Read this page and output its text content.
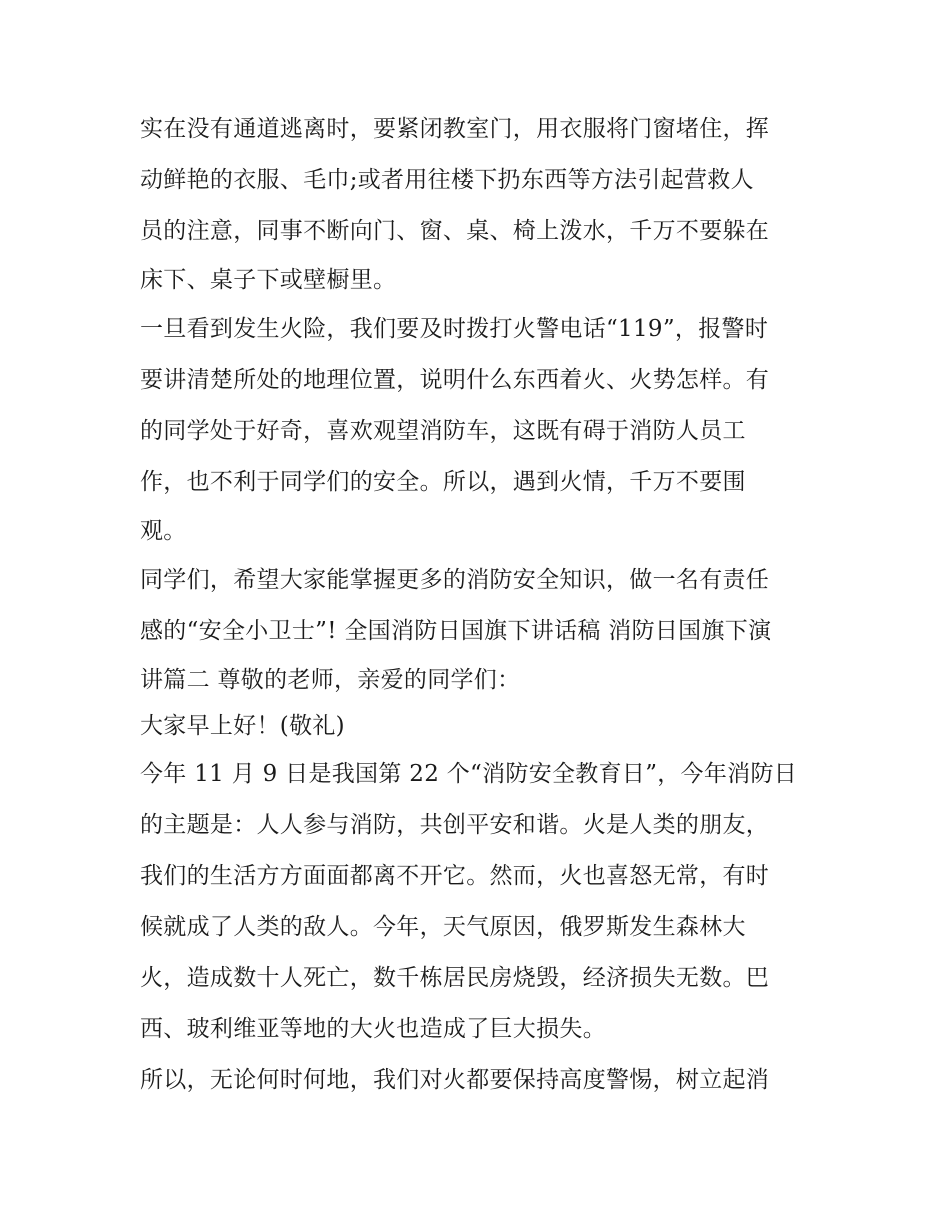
实在没有通道逃离时，要紧闭教室门，用衣服将门窗堵住，挥
动鲜艳的衣服、毛巾;或者用往楼下扔东西等方法引起营救人
员的注意，同事不断向门、窗、桌、椅上泼水，千万不要躲在
床下、桌子下或壁橱里。
一旦看到发生火险，我们要及时拨打火警电话“119”，报警时
要讲清楚所处的地理位置，说明什么东西着火、火势怎样。有
的同学处于好奇，喜欢观望消防车，这既有碍于消防人员工
作，也不利于同学们的安全。所以，遇到火情，千万不要围
观。
同学们，希望大家能掌握更多的消防安全知识，做一名有责任
感的“安全小卫士”! 全国消防日国旗下讲话稿 消防日国旗下演
讲篇二 尊敬的老师，亲爱的同学们：
大家早上好！(敬礼)
今年 11 月 9 日是我国第 22 个“消防安全教育日”，今年消防日
的主题是：人人参与消防，共创平安和谐。火是人类的朋友，
我们的生活方方面面都离不开它。然而，火也喜怒无常，有时
候就成了人类的敌人。今年，天气原因，俄罗斯发生森林大
火，造成数十人死亡，数千栋居民房烧毁，经济损失无数。巴
西、玻利维亚等地的大火也造成了巨大损失。
所以，无论何时何地，我们对火都要保持高度警惕，树立起消
